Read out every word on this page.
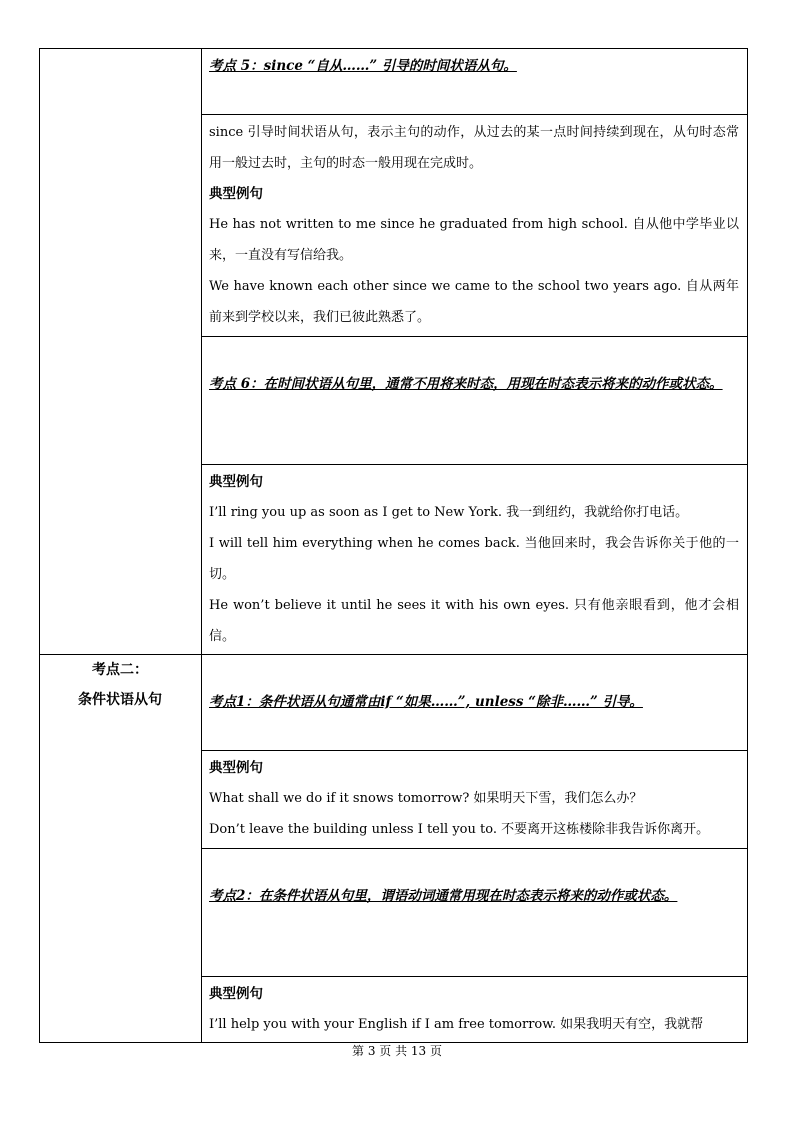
	考点 5：since “自从……” 引导的时间状语从句。

	since 引导时间状语从句，表示主句的动作，从过去的某一点时间持续到现在，从句时态常用一般过去时，主句的时态一般用现在完成时。
典型例句
He has not written to me since he graduated from high school. 自从他中学毕业以来，一直没有写信给我。
We have known each other since we came to the school two years ago. 自从两年前来到学校以来，我们已彼此熟悉了。

	考点 6：在时间状语从句里，通常不用将来时态，用现在时态表示将来的动作或状态。

	典型例句
I’ll ring you up as soon as I get to New York. 我一到纽约，我就给你打电话。
I will tell him everything when he comes back. 当他回来时，我会告诉你关于他的一切。
He won’t believe it until he sees it with his own eyes. 只有他亲眼看到，他才会相信。

考点二：
条件状语从句	考点1：条件状语从句通常由if “如果……”, unless “除非……” 引导。

	典型例句
What shall we do if it snows tomorrow? 如果明天下雪，我们怎么办？
Don’t leave the building unless I tell you to. 不要离开这栋楼除非我告诉你离开。

	考点2：在条件状语从句里，谓语动词通常用现在时态表示将来的动作或状态。

	典型例句
I’ll help you with your English if I am free tomorrow. 如果我明天有空，我就帮
第 3 页 共 13 页
